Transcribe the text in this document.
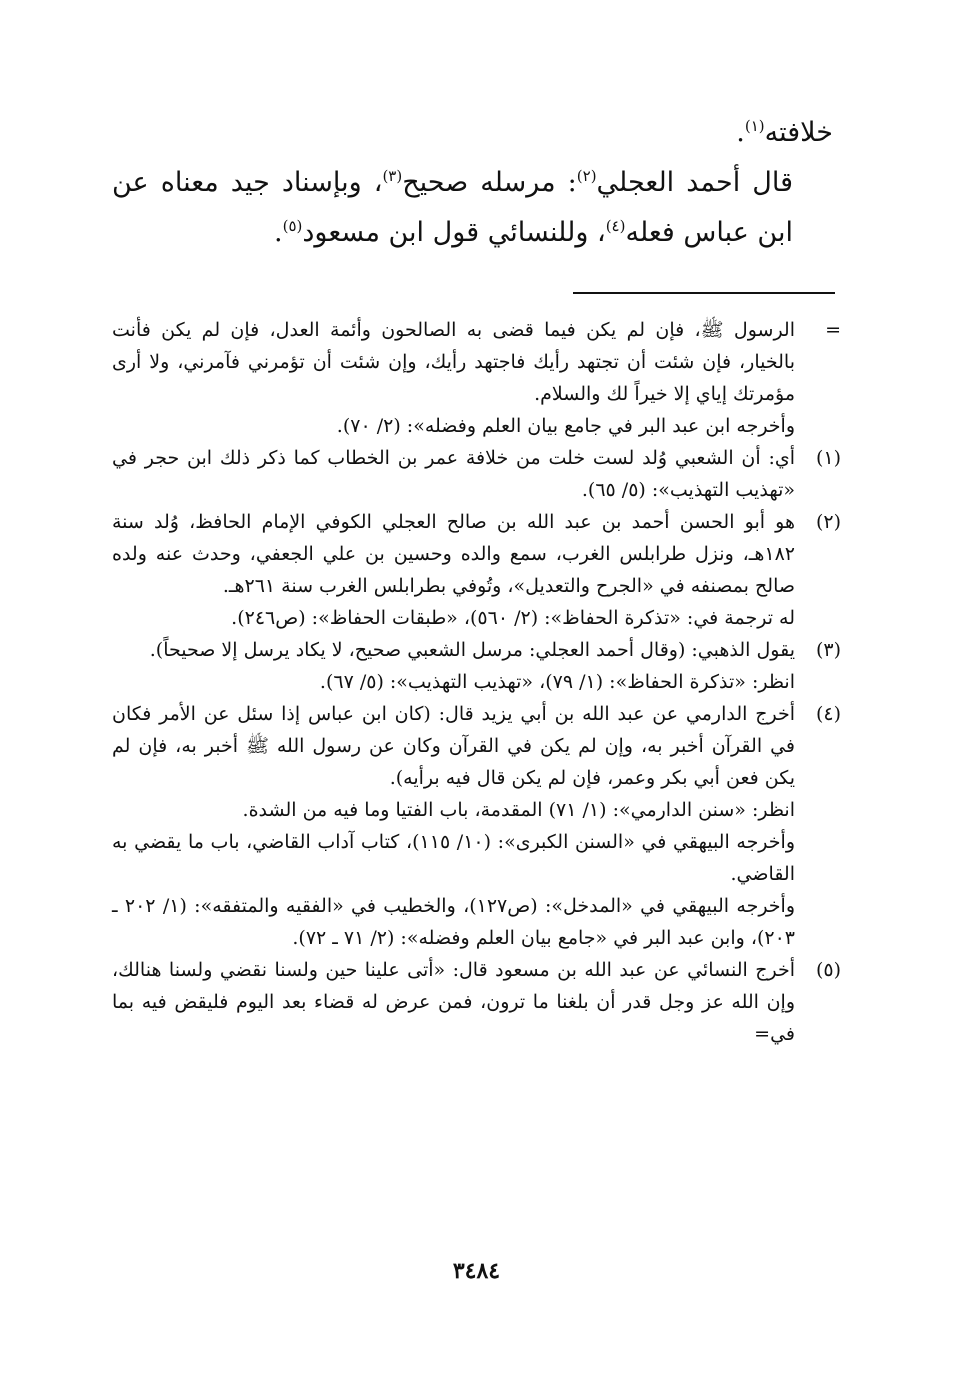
خلافته$^{(١)}$.

قال أحمد العجلي$^{(٢)}$: مرسله صحيح$^{(٣)}$، وبإسناد جيد معناه عن ابن عباس فعله$^{(٤)}$، وللنسائي قول ابن مسعود$^{(٥)}$.

=

الرسول ﷺ، فإن لم يكن فيما قضى به الصالحون وأئمة العدل، فإن لم يكن فأنت بالخيار، فإن شئت أن تجتهد رأيك فاجتهد رأيك، وإن شئت أن تؤمرني فآمرني، ولا أرى مؤمرتك إياي إلا خيراً لك والسلام.

وأخرجه ابن عبد البر في جامع بيان العلم وفضله»: (٢/ ٧٠).

(١)

أي: أن الشعبي وُلد لست خلت من خلافة عمر بن الخطاب كما ذكر ذلك ابن حجر في «تهذيب التهذيب»: (٥/ ٦٥).

(٢)

هو أبو الحسن أحمد بن عبد الله بن صالح العجلي الكوفي الإمام الحافظ، وُلد سنة ١٨٢هـ، ونزل طرابلس الغرب، سمع والده وحسين بن علي الجعفي، وحدث عنه ولده صالح بمصنفه في «الجرح والتعديل»، وتُوفي بطرابلس الغرب سنة ٢٦١هـ.

له ترجمة في: «تذكرة الحفاظ»: (٢/ ٥٦٠)، «طبقات الحفاظ»: (ص٢٤٦).

(٣)

يقول الذهبي: (وقال أحمد العجلي: مرسل الشعبي صحيح، لا يكاد يرسل إلا صحيحاً).

انظر: «تذكرة الحفاظ»: (١/ ٧٩)، «تهذيب التهذيب»: (٥/ ٦٧).

(٤)

أخرج الدارمي عن عبد الله بن أبي يزيد قال: (كان ابن عباس إذا سئل عن الأمر فكان في القرآن أخبر به، وإن لم يكن في القرآن وكان عن رسول الله ﷺ أخبر به، فإن لم يكن فعن أبي بكر وعمر، فإن لم يكن قال فيه برأيه).

انظر: «سنن الدارمي»: (١/ ٧١) المقدمة، باب الفتيا وما فيه من الشدة.

وأخرجه البيهقي في «السنن الكبرى»: (١٠/ ١١٥)، كتاب آداب القاضي، باب ما يقضي به القاضي.

وأخرجه البيهقي في «المدخل»: (ص١٢٧)، والخطيب في «الفقيه والمتفقه»: (١/ ٢٠٢ ـ ٢٠٣)، وابن عبد البر في «جامع بيان العلم وفضله»: (٢/ ٧١ ـ ٧٢).

(٥)

أخرج النسائي عن عبد الله بن مسعود قال: «أتى علينا حين ولسنا نقضي ولسنا هنالك، وإن الله عز وجل قدر أن بلغنا ما ترون، فمن عرض له قضاء بعد اليوم فليقض فيه بما في=

٣٤٨٤
